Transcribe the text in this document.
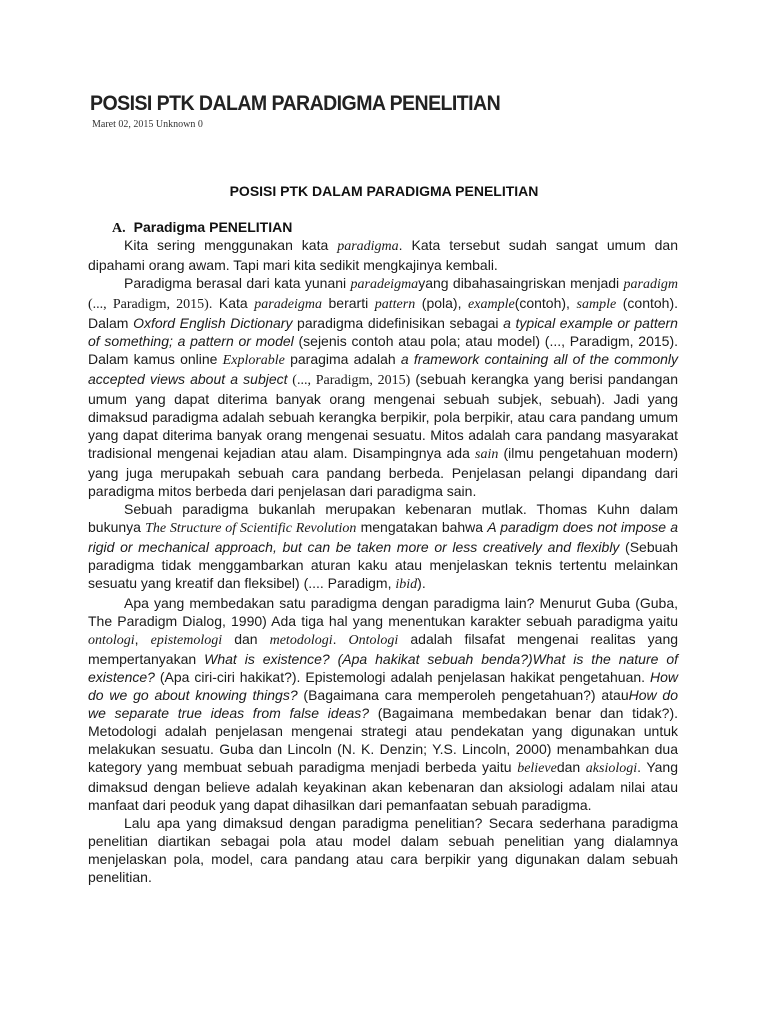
POSISI PTK DALAM PARADIGMA PENELITIAN
Maret 02, 2015 Unknown 0
POSISI PTK DALAM PARADIGMA PENELITIAN
A. Paradigma PENELITIAN

Kita sering menggunakan kata paradigma. Kata tersebut sudah sangat umum dan dipahami orang awam. Tapi mari kita sedikit mengkajinya kembali.

Paradigma berasal dari kata yunani paradeigmayang dibahasaingriskan menjadi paradigm (..., Paradigm, 2015). Kata paradeigma berarti pattern (pola), example(contoh), sample (contoh). Dalam Oxford English Dictionary paradigma didefinisikan sebagai a typical example or pattern of something; a pattern or model (sejenis contoh atau pola; atau model) (..., Paradigm, 2015). Dalam kamus online Explorable paragima adalah a framework containing all of the commonly accepted views about a subject (..., Paradigm, 2015) (sebuah kerangka yang berisi pandangan umum yang dapat diterima banyak orang mengenai sebuah subjek, sebuah). Jadi yang dimaksud paradigma adalah sebuah kerangka berpikir, pola berpikir, atau cara pandang umum yang dapat diterima banyak orang mengenai sesuatu. Mitos adalah cara pandang masyarakat tradisional mengenai kejadian atau alam. Disampingnya ada sain (ilmu pengetahuan modern) yang juga merupakah sebuah cara pandang berbeda. Penjelasan pelangi dipandang dari paradigma mitos berbeda dari penjelasan dari paradigma sain.

Sebuah paradigma bukanlah merupakan kebenaran mutlak. Thomas Kuhn dalam bukunya The Structure of Scientific Revolution mengatakan bahwa A paradigm does not impose a rigid or mechanical approach, but can be taken more or less creatively and flexibly (Sebuah paradigma tidak menggambarkan aturan kaku atau menjelaskan teknis tertentu melainkan sesuatu yang kreatif dan fleksibel) (.... Paradigm, ibid).

Apa yang membedakan satu paradigma dengan paradigma lain? Menurut Guba (Guba, The Paradigm Dialog, 1990) Ada tiga hal yang menentukan karakter sebuah paradigma yaitu ontologi, epistemologi dan metodologi. Ontologi adalah filsafat mengenai realitas yang mempertanyakan What is existence? (Apa hakikat sebuah benda?)What is the nature of existence? (Apa ciri-ciri hakikat?). Epistemologi adalah penjelasan hakikat pengetahuan. How do we go about knowing things? (Bagaimana cara memperoleh pengetahuan?) atauHow do we separate true ideas from false ideas? (Bagaimana membedakan benar dan tidak?). Metodologi adalah penjelasan mengenai strategi atau pendekatan yang digunakan untuk melakukan sesuatu. Guba dan Lincoln (N. K. Denzin; Y.S. Lincoln, 2000) menambahkan dua kategory yang membuat sebuah paradigma menjadi berbeda yaitu believedan aksiologi. Yang dimaksud dengan believe adalah keyakinan akan kebenaran dan aksiologi adalam nilai atau manfaat dari peoduk yang dapat dihasilkan dari pemanfaatan sebuah paradigma.

Lalu apa yang dimaksud dengan paradigma penelitian? Secara sederhana paradigma penelitian diartikan sebagai pola atau model dalam sebuah penelitian yang dialamnya menjelaskan pola, model, cara pandang atau cara berpikir yang digunakan dalam sebuah penelitian.
